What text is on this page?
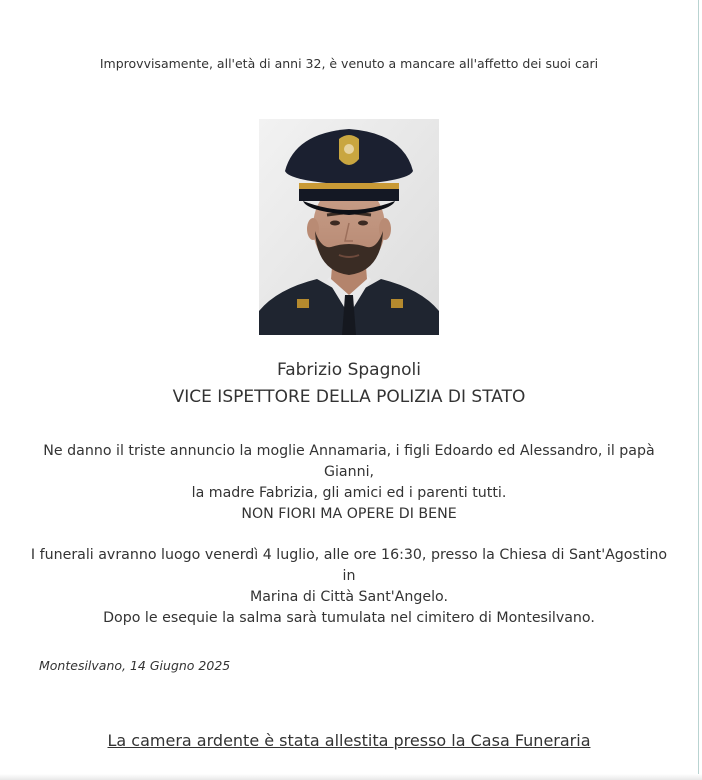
Improvvisamente, all'età di anni 32, è venuto a mancare all'affetto dei suoi cari
Fabrizio Spagnoli
VICE ISPETTORE DELLA POLIZIA DI STATO
Ne danno il triste annuncio la moglie Annamaria, i figli Edoardo ed Alessandro, il papà Gianni,
la madre Fabrizia, gli amici ed i parenti tutti.
NON FIORI MA OPERE DI BENE
I funerali avranno luogo venerdì 4 luglio, alle ore 16:30, presso la Chiesa di Sant'Agostino in
Marina di Città Sant'Angelo.
Dopo le esequie la salma sarà tumulata nel cimitero di Montesilvano.
Montesilvano, 14 Giugno 2025
La camera ardente è stata allestita presso la Casa Funeraria
